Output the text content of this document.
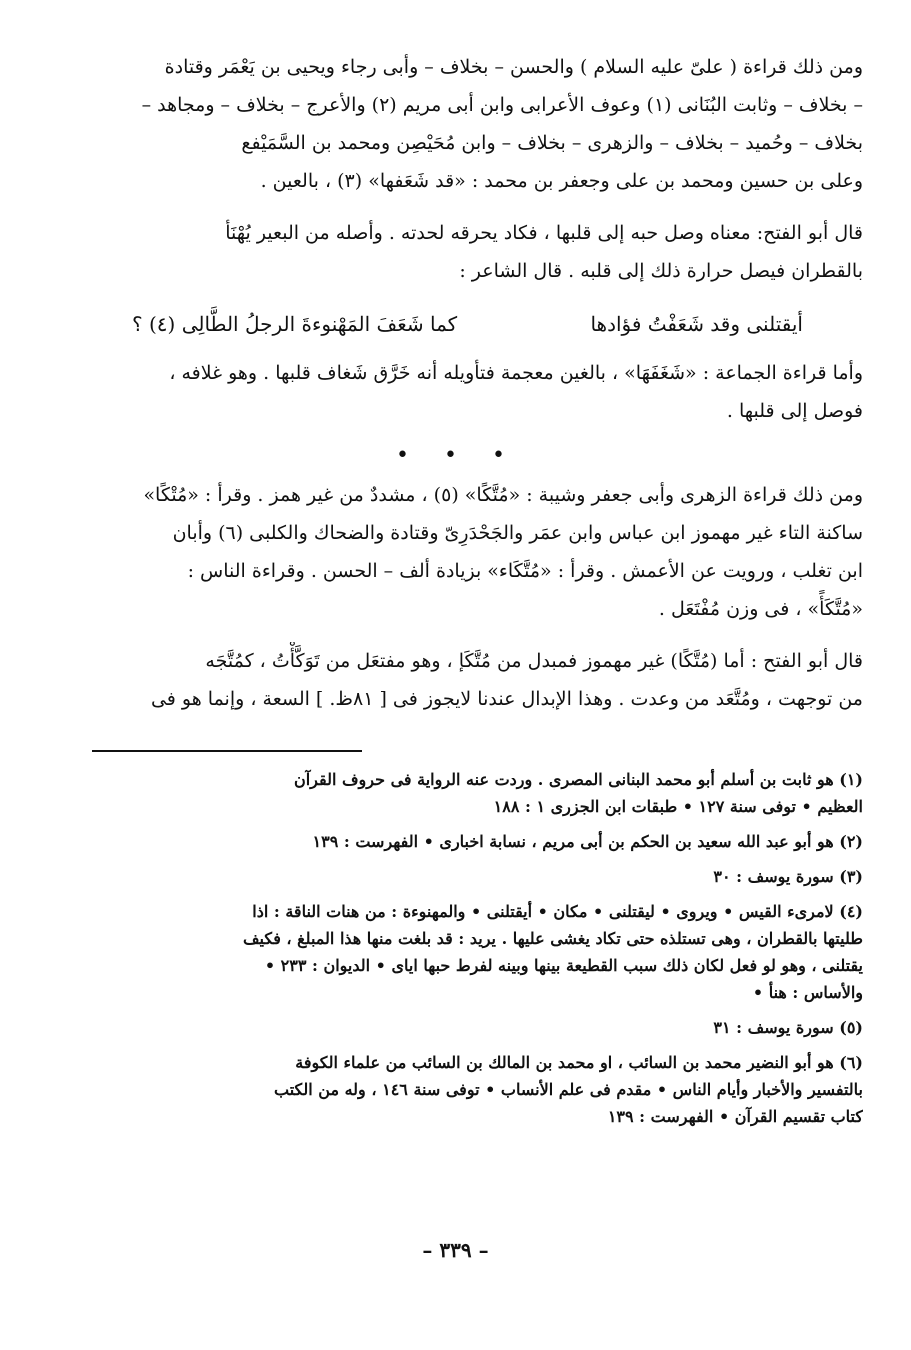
ومن ذلك قراءة ( علىّ عليه السلام ) والحسن – بخلاف – وأبى رجاء ويحيى بن يَعْمَر وقتادة
– بخلاف – وثابت البُنَانى (١) وعوف الأعرابى وابن أبى مريم (٢) والأعرج – بخلاف – ومجاهد –
بخلاف – وحُميد – بخلاف – والزهرى – بخلاف – وابن مُحَيْصِن ومحمد بن السَّمَيْفع
وعلى بن حسين ومحمد بن على وجعفر بن محمد : «قد شَعَفها» (٣) ، بالعين .

قال أبو الفتح: معناه وصل حبه إلى قلبها ، فكاد يحرقه لحدته . وأصله من البعير يُهْنَأ
بالقطران فيصل حرارة ذلك إلى قلبه . قال الشاعر :

أيقتلنى وقد شَعَفْتُ فؤادها
كما شَعَفَ المَهْنوءةَ الرجلُ الطَّالِى (٤) ؟

وأما قراءة الجماعة : «شَغَفَهَا» ، بالغين معجمة فتأويله أنه خَرَّق شَغاف قلبها . وهو غلافه ،
فوصل إلى قلبها .

• • •

ومن ذلك قراءة الزهرى وأبى جعفر وشيبة : «مُتَّكًا» (٥) ، مشددٌ من غير همز . وقرأ : «مُتْكًا»
ساكنة التاء غير مهموز ابن عباس وابن عمَر والجَحْدَرِىّ وقتادة والضحاك والكلبى (٦) وأبان
ابن تغلب ، ورويت عن الأعمش . وقرأ : «مُتَّكَاء» بزيادة ألف – الحسن . وقراءة الناس :
«مُتَّكَأً» ، فى وزن مُفْتَعَل .

قال أبو الفتح : أما (مُتَّكًا) غير مهموز فمبدل من مُتَّكَإ ، وهو مفتعَل من تَوَكَّأْتُ ، كمُتَّجَه
من توجهت ، ومُتَّعَد من وعدت . وهذا الإبدال عندنا لايجوز فى [ ٨١ظ. ] السعة ، وإنما هو فى

(١) هو ثابت بن أسلم أبو محمد البنانى المصرى . وردت عنه الرواية فى حروف القرآن
العظيم • توفى سنة ١٢٧ • طبقات ابن الجزرى ١ : ١٨٨
(٢) هو أبو عبد الله سعيد بن الحكم بن أبى مريم ، نسابة اخبارى • الفهرست : ١٣٩
(٣) سورة يوسف : ٣٠
(٤) لامرىء القيس • ويروى • ليقتلنى • مكان • أيقتلنى • والمهنوءة : من هنات الناقة : اذا
طليتها بالقطران ، وهى تستلذه حتى تكاد يغشى عليها . يريد : قد بلغت منها هذا المبلغ ، فكيف
يقتلنى ، وهو لو فعل لكان ذلك سبب القطيعة بينها وبينه لفرط حبها اياى • الديوان : ٢٣٣ •
والأساس : هنأ •
(٥) سورة يوسف : ٣١
(٦) هو أبو النضير محمد بن السائب ، او محمد بن المالك بن السائب من علماء الكوفة
بالتفسير والأخبار وأيام الناس • مقدم فى علم الأنساب • توفى سنة ١٤٦ ، وله من الكتب
كتاب تقسيم القرآن • الفهرست : ١٣٩
– ٣٣٩ –
